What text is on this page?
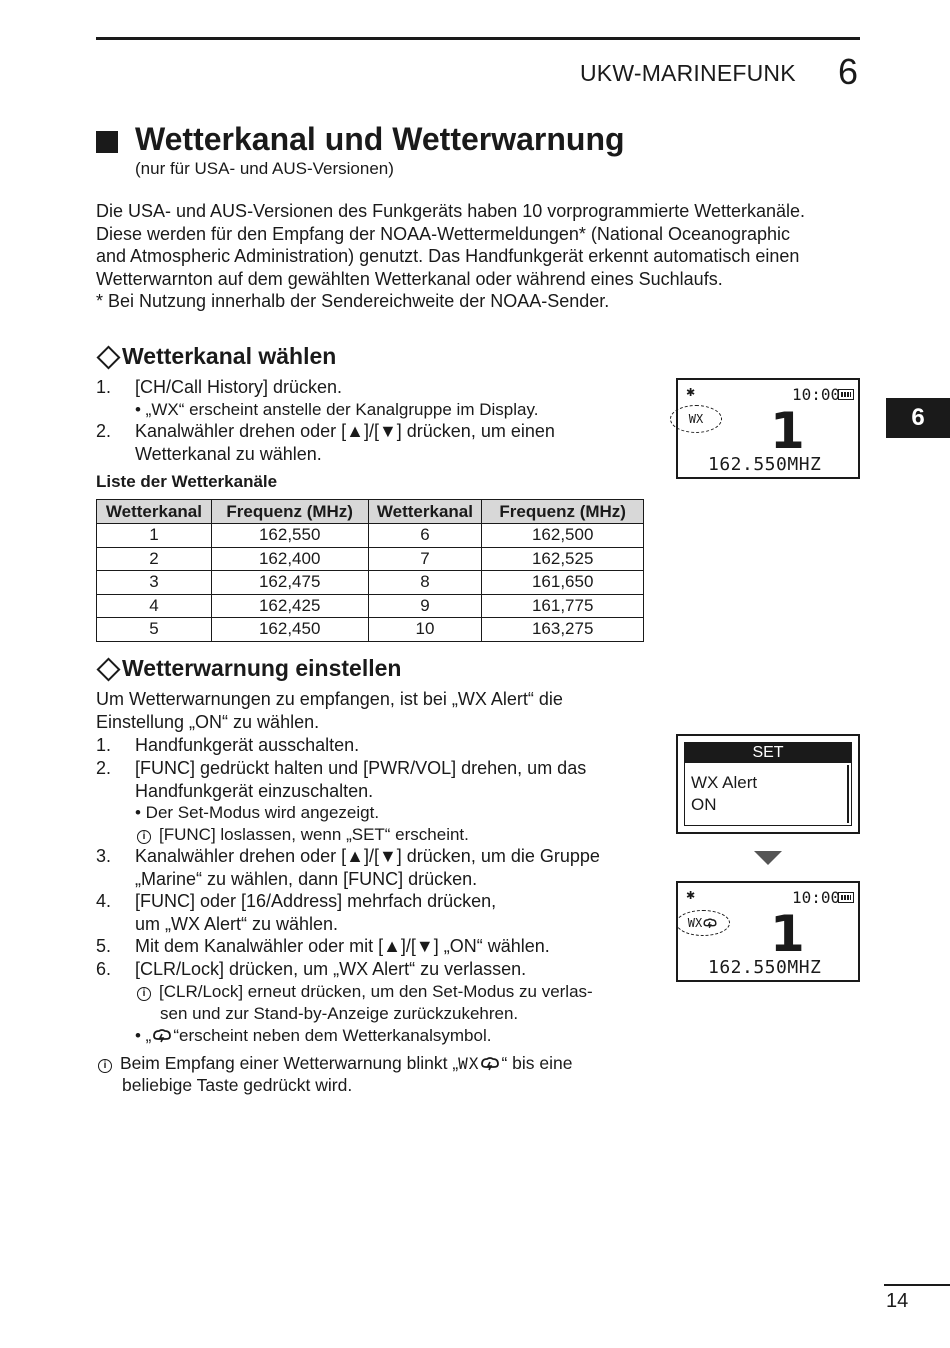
UKW-MARINEFUNK 6
6
Wetterkanal und Wetterwarnung
(nur für USA- und AUS-Versionen)
Die USA- und AUS-Versionen des Funkgeräts haben 10 vorprogrammierte Wetterkanäle.
Diese werden für den Empfang der NOAA-Wettermeldungen* (National Oceanographic
and Atmospheric Administration) genutzt. Das Handfunkgerät erkennt automatisch einen
Wetterwarnton auf dem gewählten Wetterkanal oder während eines Suchlaufs.
* Bei Nutzung innerhalb der Sendereichweite der NOAA-Sender.
Wetterkanal wählen
1. [CH/Call History] drücken.
• „WX“ erscheint anstelle der Kanalgruppe im Display.
2. Kanalwähler drehen oder [▲]/[▼] drücken, um einen
Wetterkanal zu wählen.
✱	10:00
WX	1
162.550MHZ
Liste der Wetterkanäle
Wetterkanal	Frequenz (MHz)	Wetterkanal	Frequenz (MHz)
1	162,550	6	162,500
2	162,400	7	162,525
3	162,475	8	161,650
4	162,425	9	161,775
5	162,450	10	163,275
Wetterwarnung einstellen
Um Wetterwarnungen zu empfangen, ist bei „WX Alert“ die
Einstellung „ON“ zu wählen.
1. Handfunkgerät ausschalten.
2. [FUNC] gedrückt halten und [PWR/VOL] drehen, um das
Handfunkgerät einzuschalten.
• Der Set-Modus wird angezeigt.
i [FUNC] loslassen, wenn „SET“ erscheint.
3. Kanalwähler drehen oder [▲]/[▼] drücken, um die Gruppe
„Marine“ zu wählen, dann [FUNC] drücken.
4. [FUNC] oder [16/Address] mehrfach drücken,
um „WX Alert“ zu wählen.
5. Mit dem Kanalwähler oder mit [▲]/[▼] „ON“ wählen.
6. [CLR/Lock] drücken, um „WX Alert“ zu verlassen.
i [CLR/Lock] erneut drücken, um den Set-Modus zu verlas-
sen und zur Stand-by-Anzeige zurückzukehren.
• „ “erscheint neben dem Wetterkanalsymbol.
i Beim Empfang einer Wetterwarnung blinkt „WX “ bis eine
beliebige Taste gedrückt wird.
SET
WX Alert
ON
✱	10:00
WX 1
162.550MHZ
14
